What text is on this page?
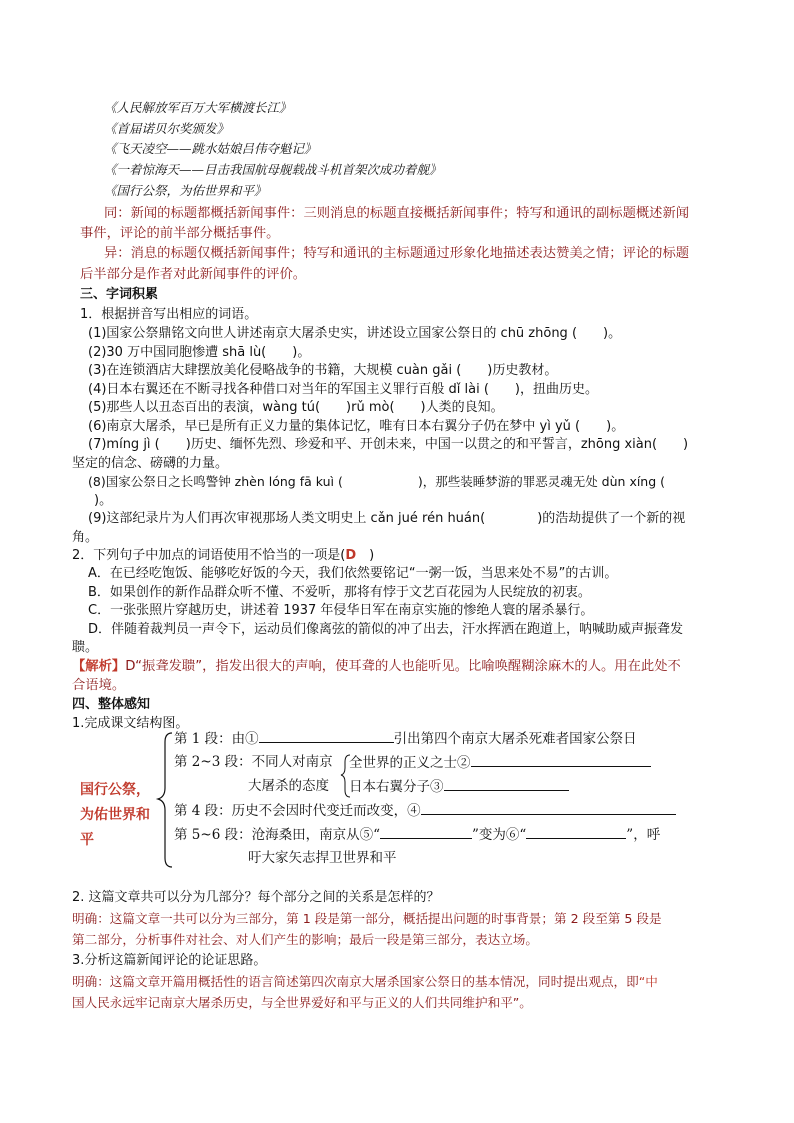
《人民解放军百万大军横渡长江》
《首届诺贝尔奖颁发》
《飞天凌空——跳水姑娘吕伟夺魁记》
《一着惊海天——目击我国航母舰载战斗机首架次成功着舰》
《国行公祭，为佑世界和平》
同：新闻的标题都概括新闻事件：三则消息的标题直接概括新闻事件；特写和通讯的副标题概述新闻
事件，评论的前半部分概括事件。
异：消息的标题仅概括新闻事件；特写和通讯的主标题通过形象化地描述表达赞美之情；评论的标题
后半部分是作者对此新闻事件的评价。
三、字词积累
1．根据拼音写出相应的词语。
(1)国家公祭鼎铭文向世人讲述南京大屠杀史实，讲述设立国家公祭日的 chū zhōng (　　)。
(2)30 万中国同胞惨遭 shā lù(　　)。
(3)在连锁酒店大肆摆放美化侵略战争的书籍，大规模 cuàn gǎi (　　)历史教材。
(4)日本右翼还在不断寻找各种借口对当年的军国主义罪行百般 dǐ lài (　　)，扭曲历史。
(5)那些人以丑态百出的表演，wàng tú(　　)rǔ mò(　　)人类的良知。
(6)南京大屠杀，早已是所有正义力量的集体记忆，唯有日本右翼分子仍在梦中 yì yǔ (　　)。
(7)míng jì (　　)历史、缅怀先烈、珍爱和平、开创未来，中国一以贯之的和平誓言，zhōng xiàn(　　)
坚定的信念、磅礴的力量。
(8)国家公祭日之长鸣警钟 zhèn lóng fā kuì (　　　　　　)，那些装睡梦游的罪恶灵魂无处 dùn xíng (
)。
(9)这部纪录片为人们再次审视那场人类文明史上 cǎn jué rén huán(　　　　)的浩劫提供了一个新的视
角。
2．下列句子中加点的词语使用不恰当的一项是(D　)
A．在已经吃饱饭、能够吃好饭的今天，我们依然要铭记“一粥一饭，当思来处不易”的古训。
B．如果创作的新作品群众听不懂、不爱听，那将有悖于文艺百花园为人民绽放的初衷。
C．一张张照片穿越历史，讲述着 1937 年侵华日军在南京实施的惨绝人寰的屠杀暴行。
D．伴随着裁判员一声令下，运动员们像离弦的箭似的冲了出去，汗水挥洒在跑道上，呐喊助威声振聋发
聩。
【解析】D“振聋发聩”，指发出很大的声响，使耳聋的人也能听见。比喻唤醒糊涂麻木的人。用在此处不
合语境。
四、整体感知
1.完成课文结构图。
国行公祭，为佑世界和平
第 1 段：由①	引出第四个南京大屠杀死难者国家公祭日
第 2~3 段：不同人对南京 全世界的正义之士②
大屠杀的态度 日本右翼分子③
第 4 段：历史不会因时代变迁而改变，④
第 5~6 段：沧海桑田，南京从⑤“	”变为⑥“	”，呼
吁大家矢志捍卫世界和平
2. 这篇文章共可以分为几部分？每个部分之间的关系是怎样的？
明确：这篇文章一共可以分为三部分，第 1 段是第一部分，概括提出问题的时事背景；第 2 段至第 5 段是
第二部分，分析事件对社会、对人们产生的影响；最后一段是第三部分，表达立场。
3.分析这篇新闻评论的论证思路。
明确：这篇文章开篇用概括性的语言简述第四次南京大屠杀国家公祭日的基本情况，同时提出观点，即“中
国人民永远牢记南京大屠杀历史，与全世界爱好和平与正义的人们共同维护和平”。
